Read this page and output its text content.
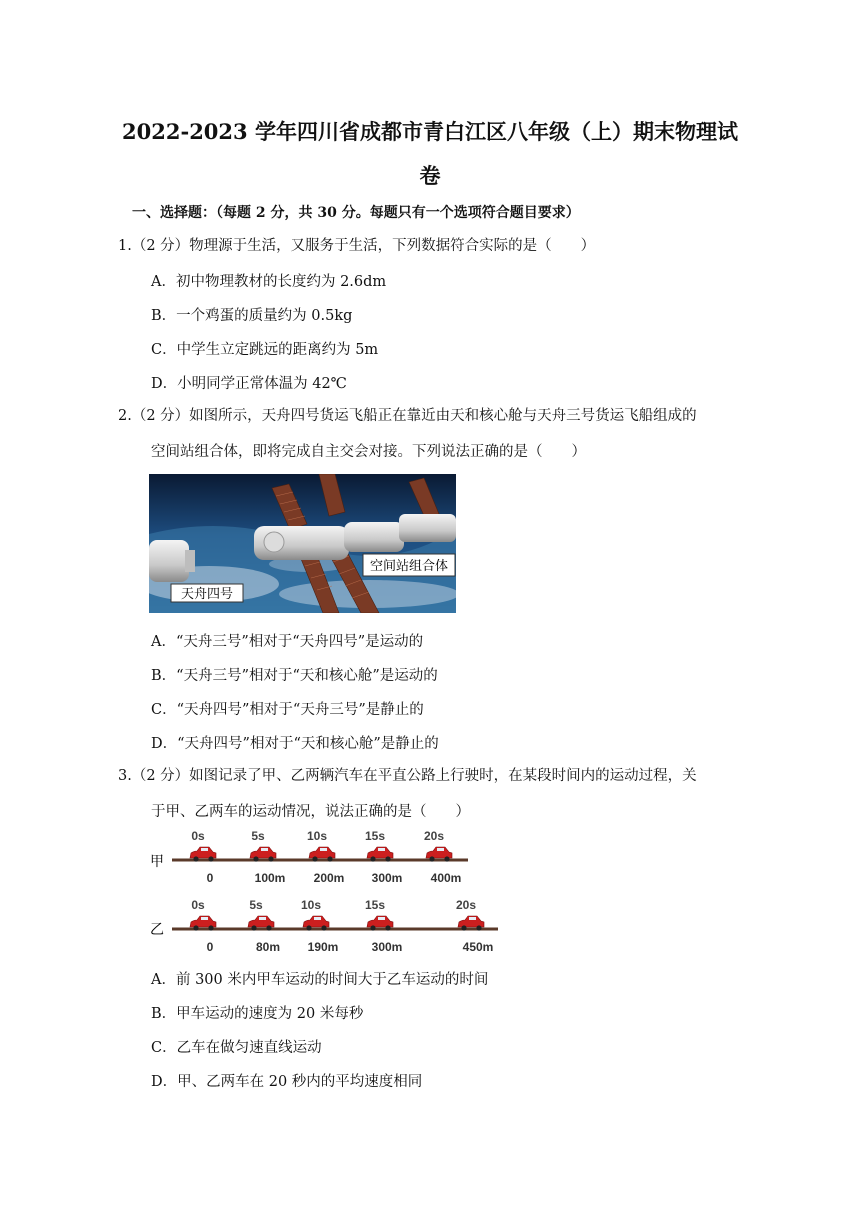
2022-2023 学年四川省成都市青白江区八年级（上）期末物理试
卷
一、选择题：（每题 2 分，共 30 分。每题只有一个选项符合题目要求）
1.（2 分）物理源于生活，又服务于生活，下列数据符合实际的是（　　）
A．初中物理教材的长度约为 2.6dm
B．一个鸡蛋的质量约为 0.5kg
C．中学生立定跳远的距离约为 5m
D．小明同学正常体温为 42℃
2.（2 分）如图所示，天舟四号货运飞船正在靠近由天和核心舱与天舟三号货运飞船组成的
空间站组合体，即将完成自主交会对接。下列说法正确的是（　　）
空间站组合体
天舟四号
A．“天舟三号”相对于“天舟四号”是运动的
B．“天舟三号”相对于“天和核心舱”是运动的
C．“天舟四号”相对于“天舟三号”是静止的
D．“天舟四号”相对于“天和核心舱”是静止的
3.（2 分）如图记录了甲、乙两辆汽车在平直公路上行驶时，在某段时间内的运动过程，关
于甲、乙两车的运动情况，说法正确的是（　　）
甲
乙
0s
0
5s
100m
10s
200m
15s
300m
20s
400m
0s
0
5s
80m
10s
190m
15s
300m
20s
450m
A．前 300 米内甲车运动的时间大于乙车运动的时间
B．甲车运动的速度为 20 米每秒
C．乙车在做匀速直线运动
D．甲、乙两车在 20 秒内的平均速度相同
